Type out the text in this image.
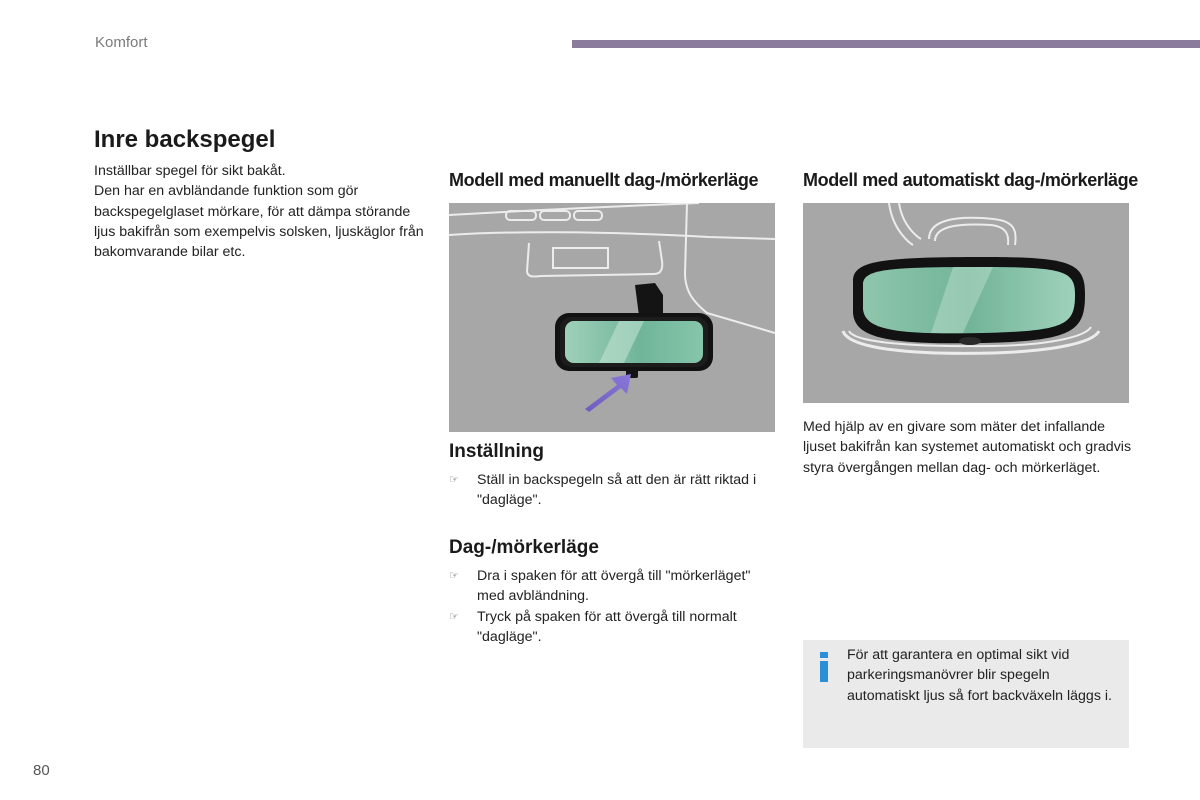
Komfort
Inre backspegel

Inställbar spegel för sikt bakåt.

Den har en avbländande funktion som gör backspegelglaset mörkare, för att dämpa störande ljus bakifrån som exempelvis solsken, ljuskäglor från bakomvarande bilar etc.

Modell med manuellt dag-/mörkerläge Modell med automatiskt dag-/mörkerläge
Inställning
☞ Ställ in backspegeln så att den är rätt riktad i "dagläge".
Dag-/mörkerläge
☞ Dra i spaken för att övergå till "mörkerläget" med avbländning.
☞ Tryck på spaken för att övergå till normalt "dagläge".
Med hjälp av en givare som mäter det infallande ljuset bakifrån kan systemet automatiskt och gradvis styra övergången mellan dag- och mörkerläget.
För att garantera en optimal sikt vid parkeringsmanövrer blir spegeln automatiskt ljus så fort backväxeln läggs i.
80
